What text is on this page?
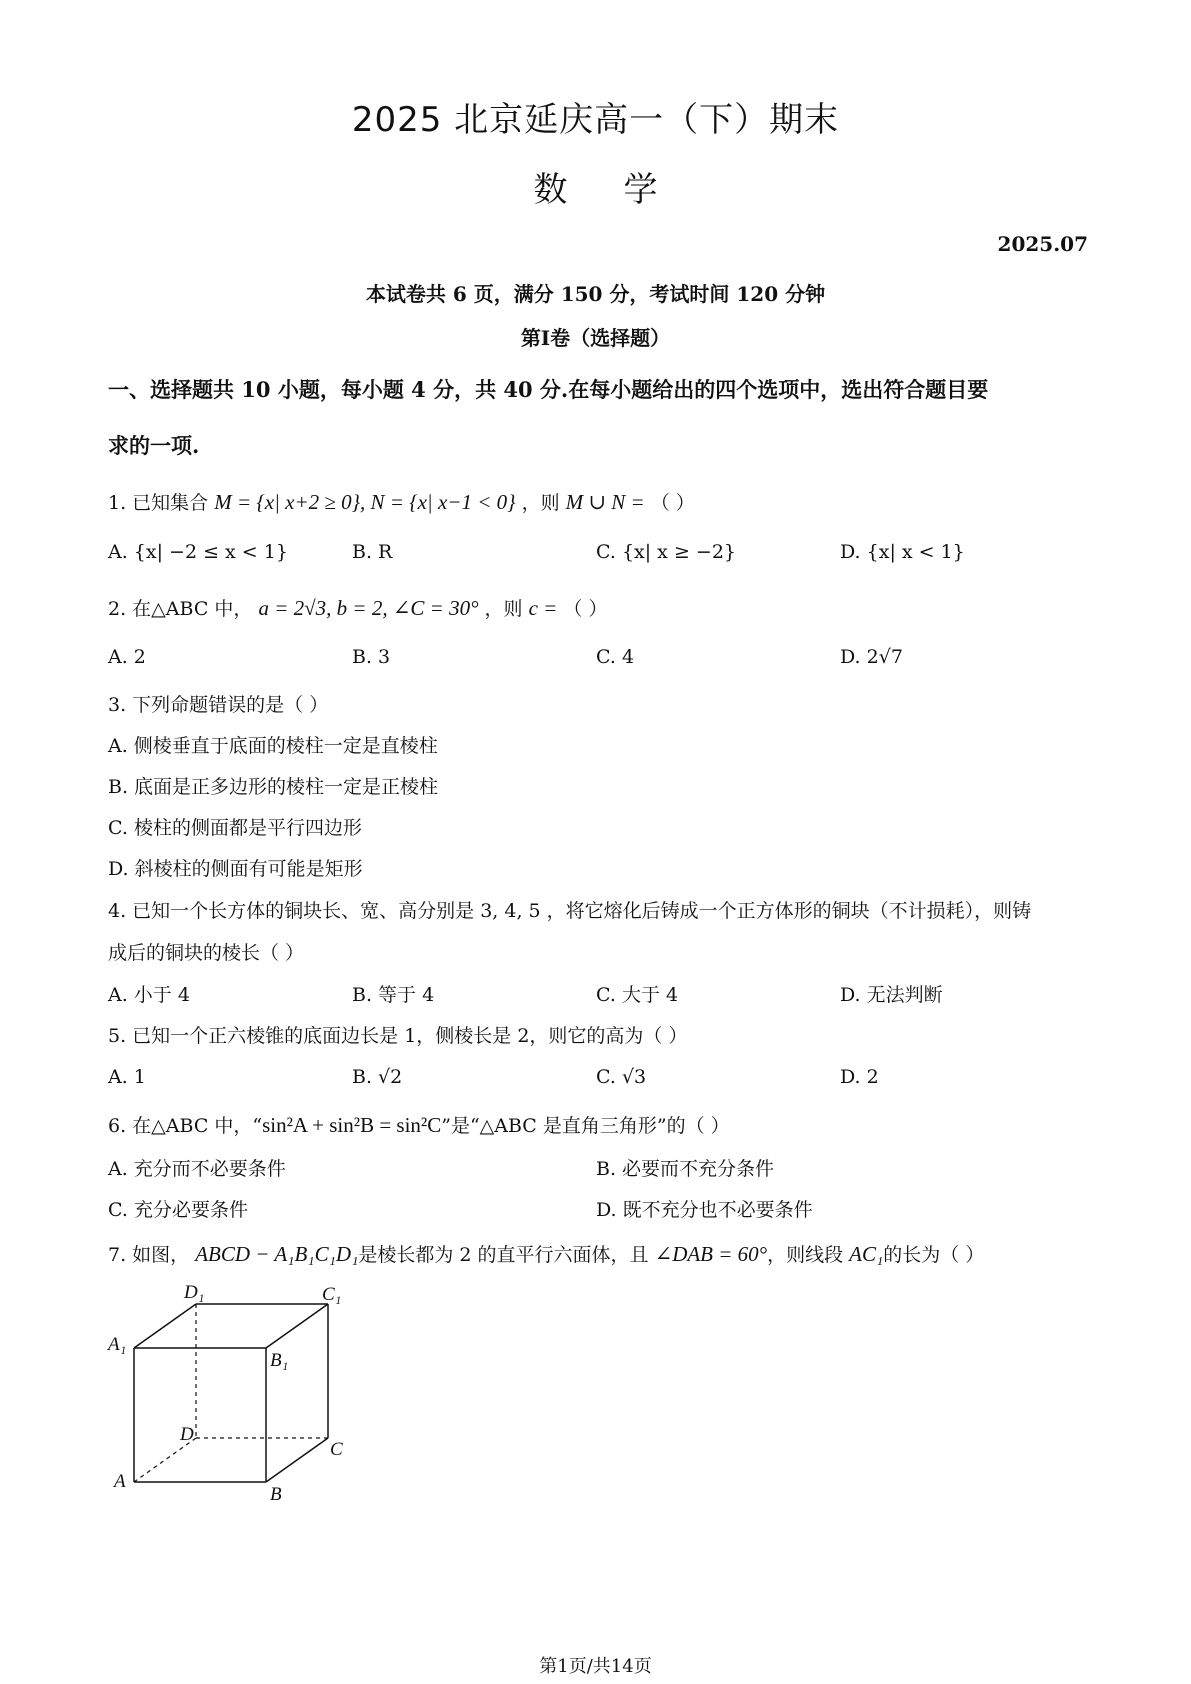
2025 北京延庆高一（下）期末
数学
2025.07
本试卷共 6 页，满分 150 分，考试时间 120 分钟
第I卷（选择题）
一、选择题共 10 小题，每小题 4 分，共 40 分.在每小题给出的四个选项中，选出符合题目要
求的一项.
1. 已知集合 M = {x| x+2 ≥ 0}, N = {x| x−1 < 0} ，则 M ∪ N = （ ）
A. {x| −2 ≤ x < 1}	B. R	C. {x| x ≥ −2}	D. {x| x < 1}
2. 在△ABC 中， a = 2√3, b = 2, ∠C = 30° ，则 c = （ ）
A. 2	B. 3	C. 4	D. 2√7
3. 下列命题错误的是（ ）
A. 侧棱垂直于底面的棱柱一定是直棱柱
B. 底面是正多边形的棱柱一定是正棱柱
C. 棱柱的侧面都是平行四边形
D. 斜棱柱的侧面有可能是矩形
4. 已知一个长方体的铜块长、宽、高分别是 3, 4, 5 ，将它熔化后铸成一个正方体形的铜块（不计损耗），则铸
成后的铜块的棱长（ ）
A. 小于 4	B. 等于 4	C. 大于 4	D. 无法判断
5. 已知一个正六棱锥的底面边长是 1，侧棱长是 2，则它的高为（ ）
A. 1	B. √2	C. √3	D. 2
6. 在△ABC 中，“sin²A + sin²B = sin²C”是“△ABC 是直角三角形”的（ ）
A. 充分而不必要条件	B. 必要而不充分条件
C. 充分必要条件	D. 既不充分也不必要条件
7. 如图， ABCD − A₁B₁C₁D₁是棱长都为 2 的直平行六面体，且 ∠DAB = 60°，则线段 AC₁的长为（ ）
D₁	C₁
A₁
B₁
D
C
A
B
第1页/共14页
